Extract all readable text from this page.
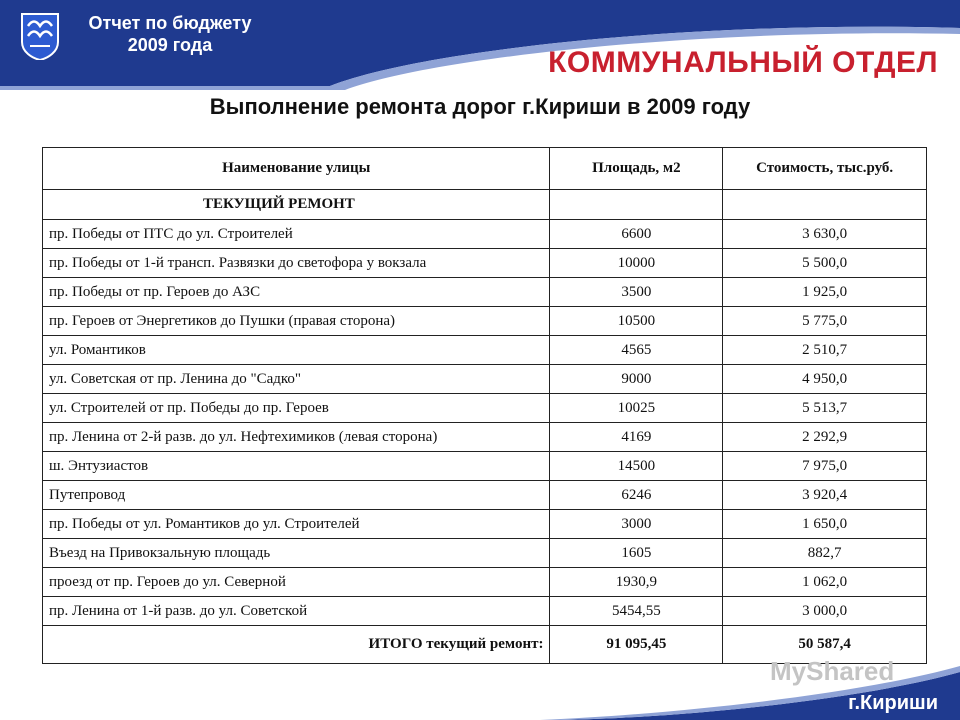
Отчет по бюджету
2009 года
КОММУНАЛЬНЫЙ ОТДЕЛ
Выполнение ремонта дорог г.Кириши в 2009 году
Наименование улицы	Площадь, м2	Стоимость, тыс.руб.
ТЕКУЩИЙ РЕМОНТ		
пр. Победы от ПТС до ул. Строителей	6600	3 630,0
пр. Победы от 1-й трансп. Развязки до светофора у вокзала	10000	5 500,0
пр. Победы от пр. Героев до АЗС	3500	1 925,0
пр. Героев от Энергетиков до Пушки (правая сторона)	10500	5 775,0
ул. Романтиков	4565	2 510,7
ул. Советская от пр. Ленина до "Садко"	9000	4 950,0
ул. Строителей от пр. Победы до пр. Героев	10025	5 513,7
пр. Ленина от 2-й разв. до ул. Нефтехимиков (левая сторона)	4169	2 292,9
ш. Энтузиастов	14500	7 975,0
Путепровод	6246	3 920,4
пр. Победы от ул. Романтиков до ул. Строителей	3000	1 650,0
Въезд на Привокзальную площадь	1605	882,7
проезд от пр. Героев до ул. Северной	1930,9	1 062,0
пр. Ленина от 1-й разв. до ул. Советской	5454,55	3 000,0
ИТОГО текущий ремонт:	91 095,45	50 587,4
MyShared
г.Кириши
